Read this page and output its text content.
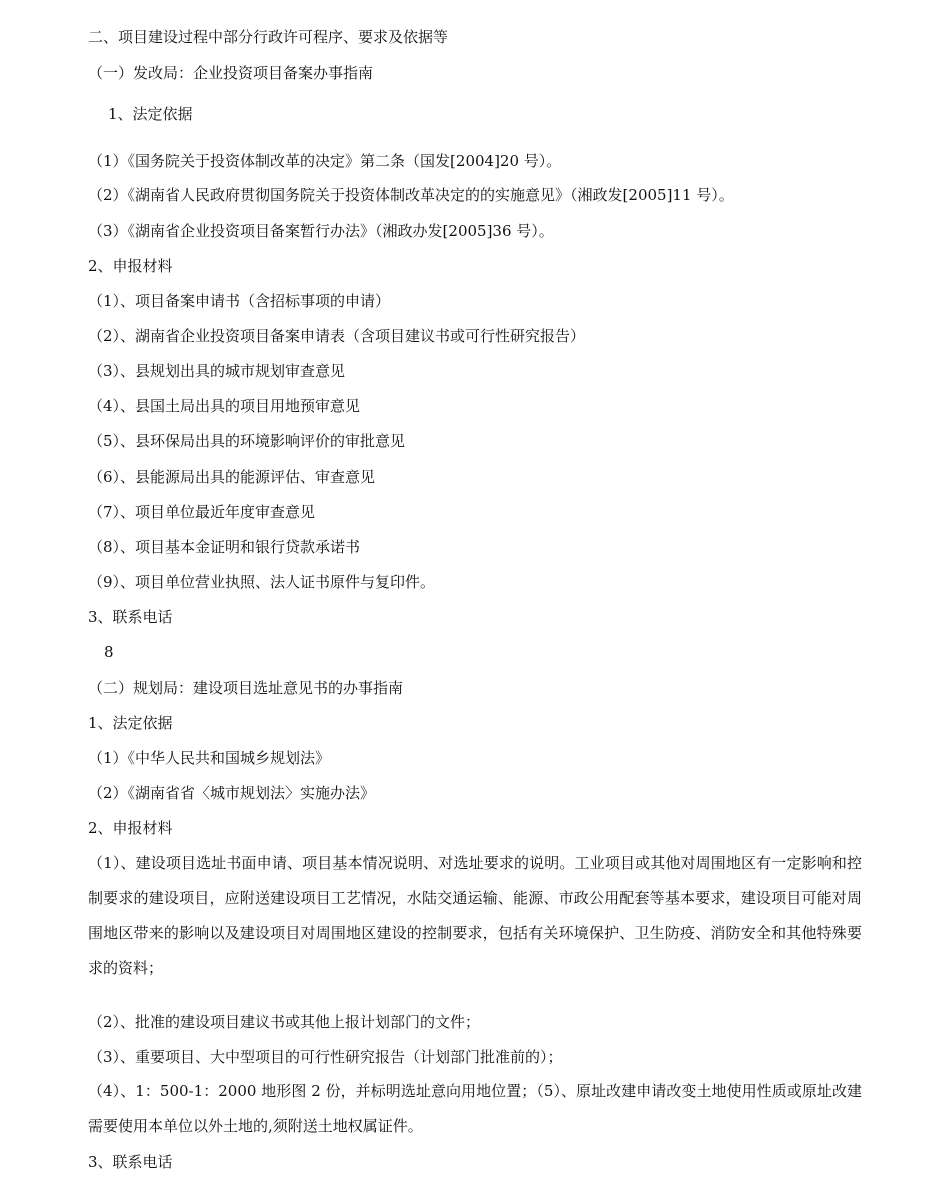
二、项目建设过程中部分行政许可程序、要求及依据等
（一）发改局：企业投资项目备案办事指南
1、法定依据
（1）《国务院关于投资体制改革的决定》第二条（国发[2004]20 号）。
（2）《湖南省人民政府贯彻国务院关于投资体制改革决定的的实施意见》（湘政发[2005]11 号）。
（3）《湖南省企业投资项目备案暂行办法》（湘政办发[2005]36 号）。
2、申报材料
（1）、项目备案申请书（含招标事项的申请）
（2）、湖南省企业投资项目备案申请表（含项目建议书或可行性研究报告）
（3）、县规划出具的城市规划审查意见
（4）、县国土局出具的项目用地预审意见
（5）、县环保局出具的环境影响评价的审批意见
（6）、县能源局出具的能源评估、审查意见
（7）、项目单位最近年度审查意见
（8）、项目基本金证明和银行贷款承诺书
（9）、项目单位营业执照、法人证书原件与复印件。
3、联系电话
8
（二）规划局：建设项目选址意见书的办事指南
1、法定依据
（1）《中华人民共和国城乡规划法》
（2）《湖南省省〈城市规划法〉实施办法》
2、申报材料
（1）、建设项目选址书面申请、项目基本情况说明、对选址要求的说明。工业项目或其他对周围地区有一定影响和控制要求的建设项目，应附送建设项目工艺情况，水陆交通运输、能源、市政公用配套等基本要求，建设项目可能对周围地区带来的影响以及建设项目对周围地区建设的控制要求，包括有关环境保护、卫生防疫、消防安全和其他特殊要求的资料；
（2）、批准的建设项目建议书或其他上报计划部门的文件；
（3）、重要项目、大中型项目的可行性研究报告（计划部门批准前的）；
（4）、1：500-1：2000 地形图 2 份，并标明选址意向用地位置；（5）、原址改建申请改变土地使用性质或原址改建需要使用本单位以外土地的,须附送土地权属证件。
3、联系电话
